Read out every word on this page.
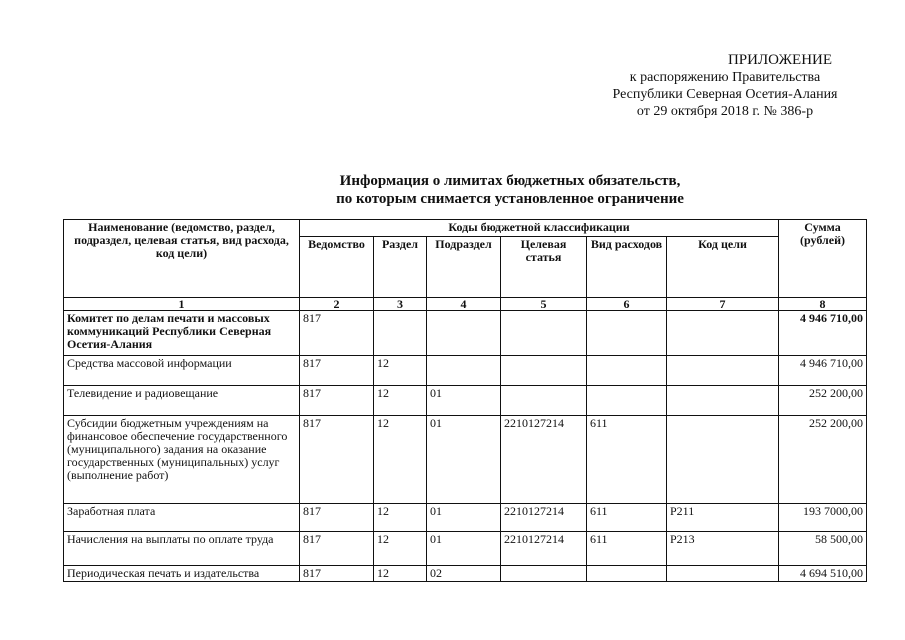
ПРИЛОЖЕНИЕ
к распоряжению Правительства
Республики Северная Осетия-Алания
от 29 октября 2018 г. № 386-р
Информация о лимитах бюджетных обязательств,
по которым снимается установленное ограничение
Наименование (ведомство, раздел, подраздел, целевая статья, вид расхода, код цели)	Коды бюджетной классификации						Сумма (рублей)
	Ведомство	Раздел	Подраздел	Целевая статья	Вид расходов	Код цели	
1	2	3	4	5	6	7	8
Комитет по делам печати и массовых коммуникаций Республики Северная Осетия-Алания	817						4 946 710,00
Средства массовой информации	817	12					4 946 710,00
Телевидение и радиовещание	817	12	01				252 200,00
Субсидии бюджетным учреждениям на финансовое обеспечение государственного (муниципального) задания на оказание государственных (муниципальных) услуг (выполнение работ)	817	12	01	2210127214	611		252 200,00
Заработная плата	817	12	01	2210127214	611	Р211	193 7000,00
Начисления на выплаты по оплате труда	817	12	01	2210127214	611	Р213	58 500,00
Периодическая печать и издательства	817	12	02				4 694 510,00
